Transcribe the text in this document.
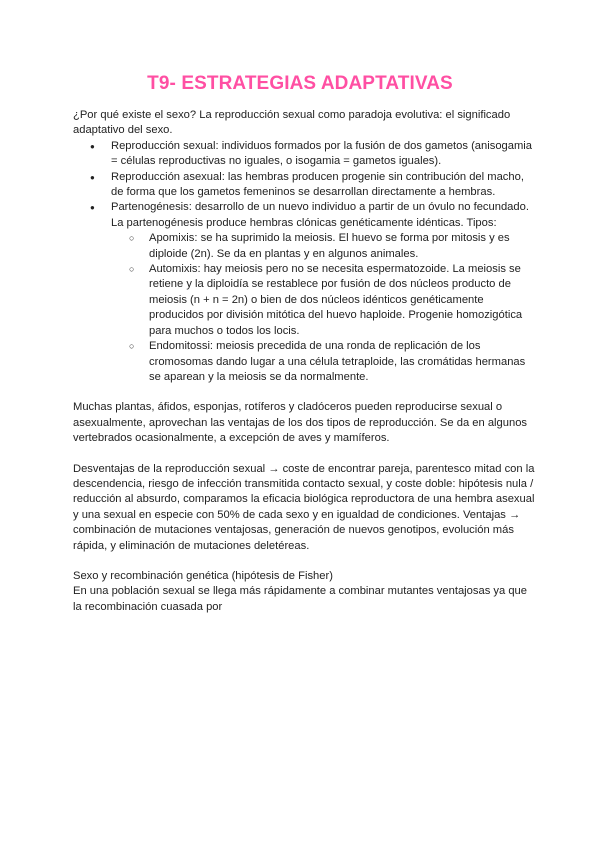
T9- ESTRATEGIAS ADAPTATIVAS

¿Por qué existe el sexo? La reproducción sexual como paradoja evolutiva: el significado adaptativo del sexo.

● Reproducción sexual: individuos formados por la fusión de dos gametos (anisogamia = células reproductivas no iguales, o isogamia = gametos iguales).
● Reproducción asexual: las hembras producen progenie sin contribución del macho, de forma que los gametos femeninos se desarrollan directamente a hembras.
● Partenogénesis: desarrollo de un nuevo individuo a partir de un óvulo no fecundado. La partenogénesis produce hembras clónicas genéticamente idénticas. Tipos:
○ Apomixis: se ha suprimido la meiosis. El huevo se forma por mitosis y es diploide (2n). Se da en plantas y en algunos animales.
○ Automixis: hay meiosis pero no se necesita espermatozoide. La meiosis se retiene y la diploidía se restablece por fusión de dos núcleos producto de meiosis (n + n = 2n) o bien de dos núcleos idénticos genéticamente producidos por división mitótica del huevo haploide. Progenie homozigótica para muchos o todos los locis.
○ Endomitossi: meiosis precedida de una ronda de replicación de los cromosomas dando lugar a una célula tetraploide, las cromátidas hermanas se aparean y la meiosis se da normalmente.

Muchas plantas, áfidos, esponjas, rotíferos y cladóceros pueden reproducirse sexual o asexualmente, aprovechan las ventajas de los dos tipos de reproducción. Se da en algunos vertebrados ocasionalmente, a excepción de aves y mamíferos.

Desventajas de la reproducción sexual → coste de encontrar pareja, parentesco mitad con la descendencia, riesgo de infección transmitida contacto sexual, y coste doble: hipótesis nula / reducción al absurdo, comparamos la eficacia biológica reproductora de una hembra asexual y una sexual en especie con 50% de cada sexo y en igualdad de condiciones. Ventajas → combinación de mutaciones ventajosas, generación de nuevos genotipos, evolución más rápida, y eliminación de mutaciones deletéreas.

Sexo y recombinación genética (hipótesis de Fisher)

En una población sexual se llega más rápidamente a combinar mutantes ventajosas ya que la recombinación cuasada por
